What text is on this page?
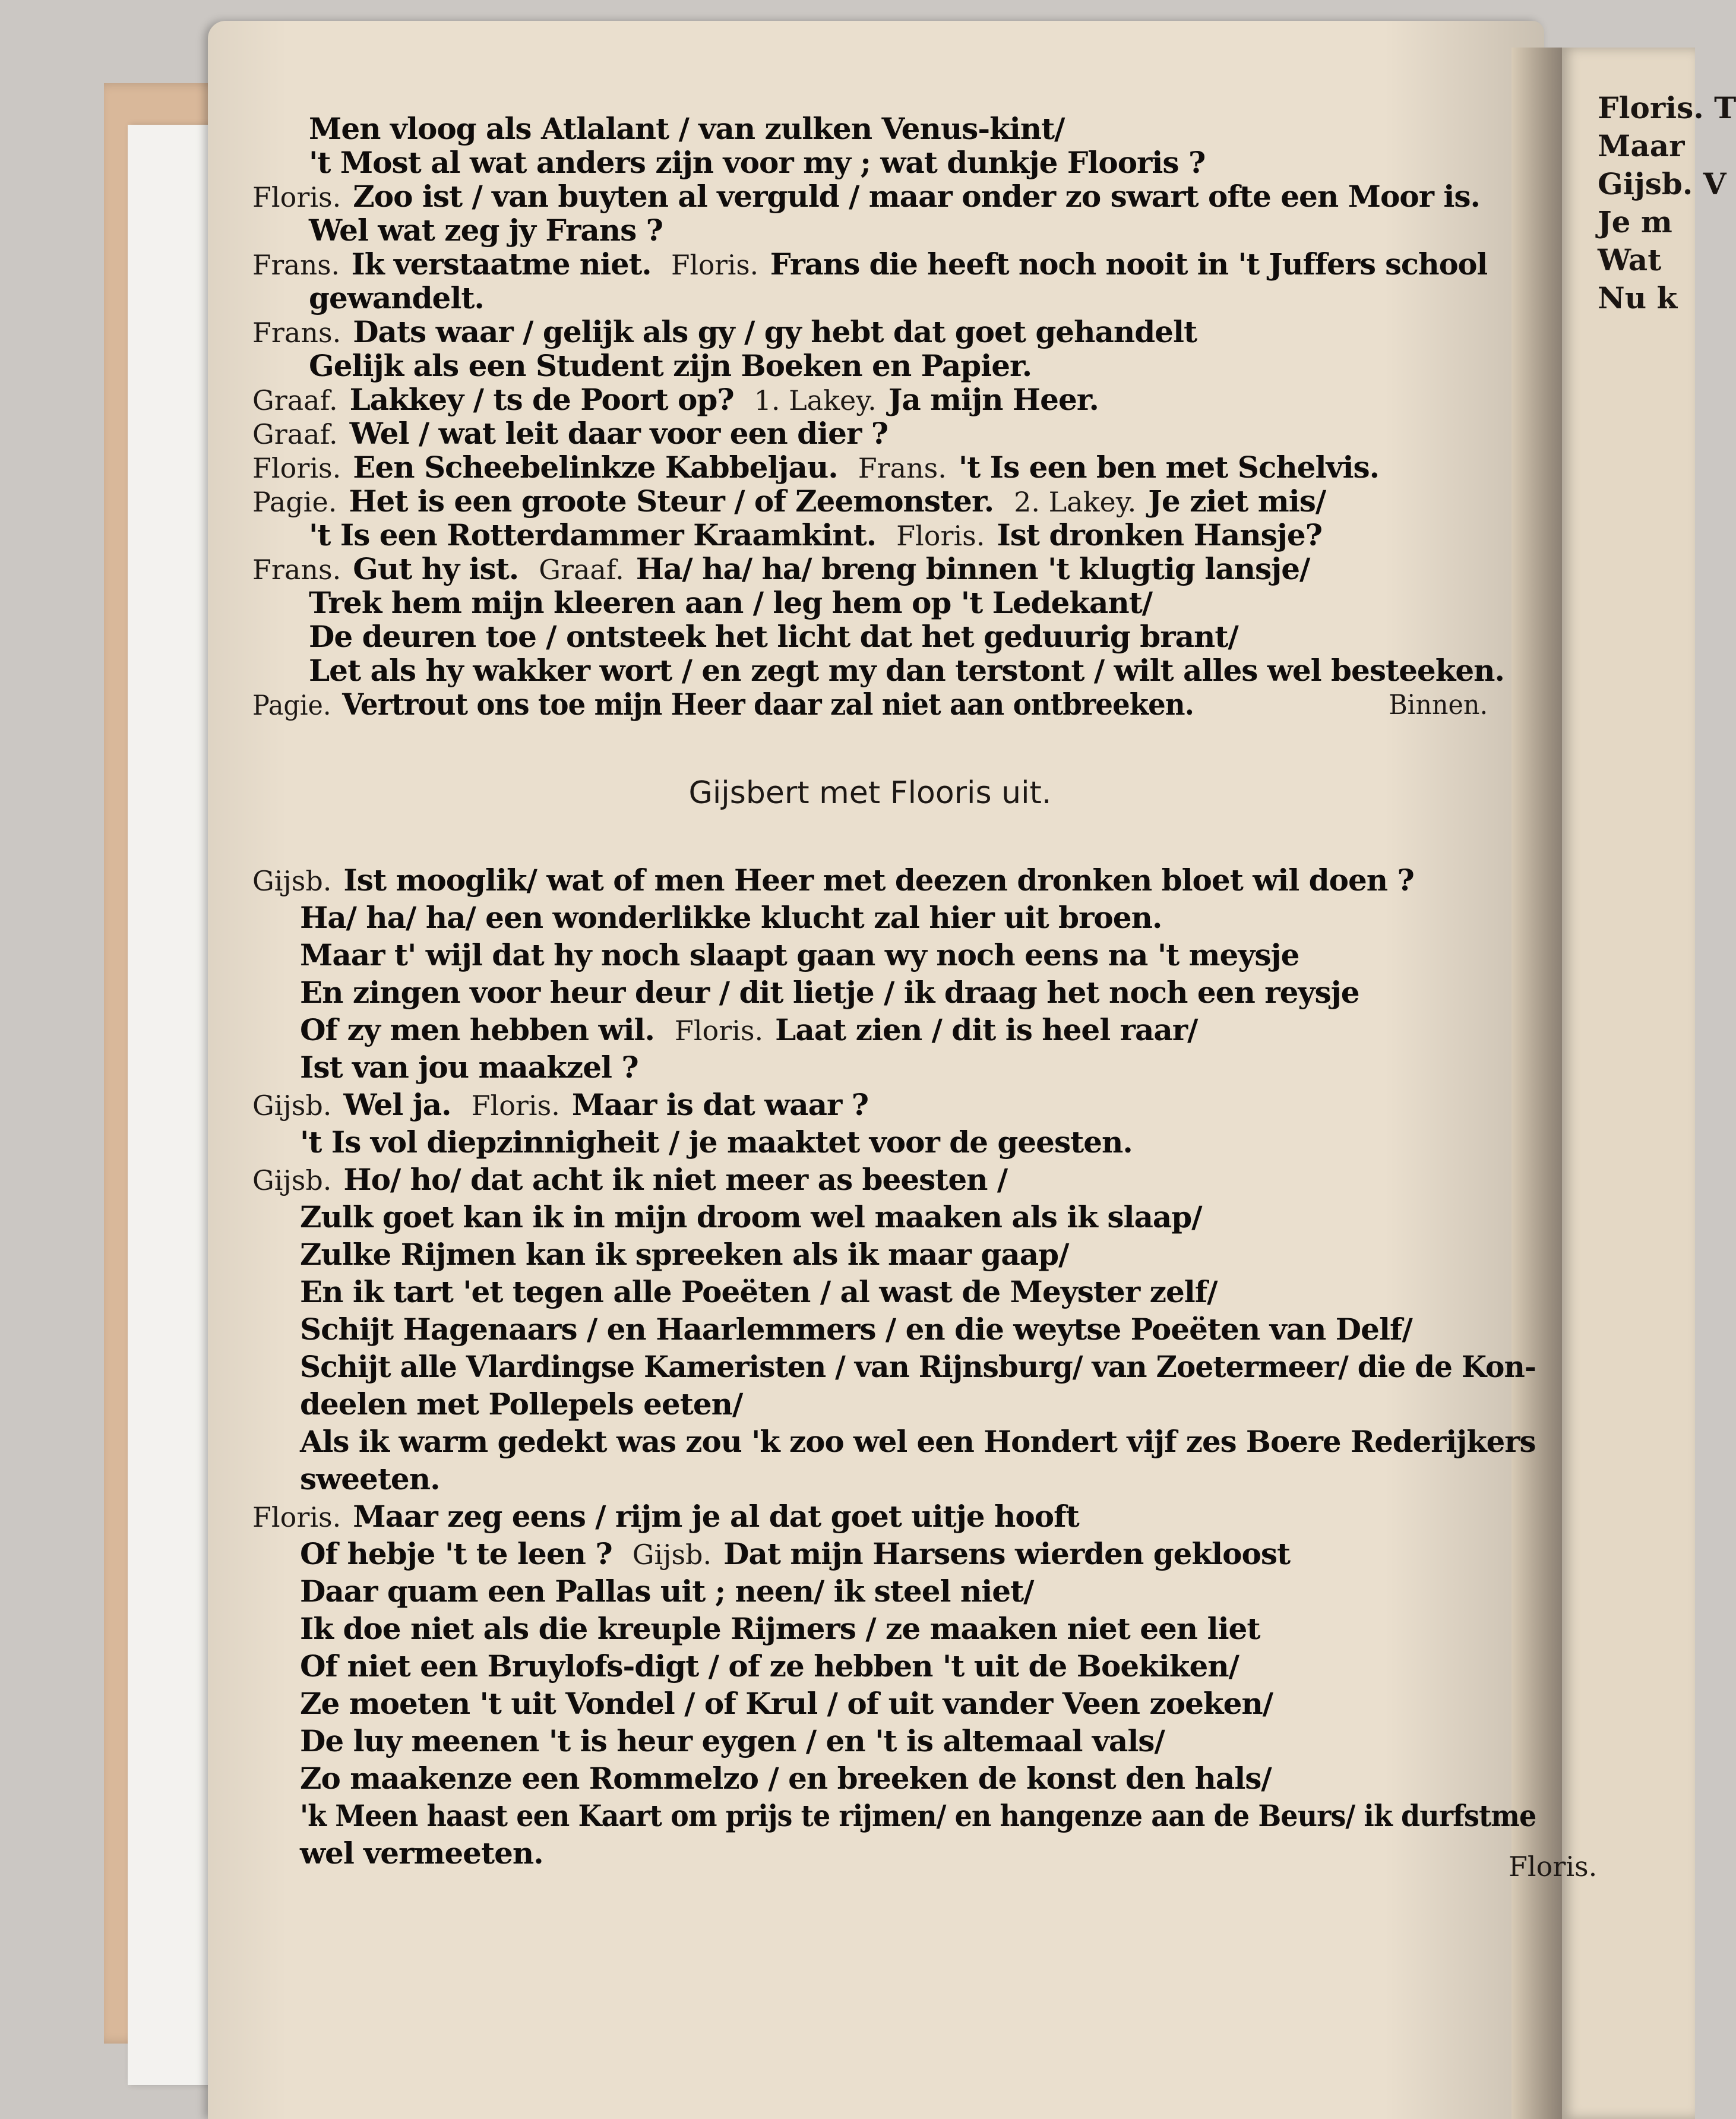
Floris. T
Maar
Gijsb. V
Je m
Wat
Nu k
Men vloog als Atlalant / van zulken Venus-kint/
't Most al wat anders zijn voor my ; wat dunkje Flooris ?
Floris. Zoo ist / van buyten al verguld / maar onder zo swart ofte een Moor is.
Wel wat zeg jy Frans ?
Frans. Ik verstaatme niet. Floris. Frans die heeft noch nooit in 't Juffers school
gewandelt.
Frans. Dats waar / gelijk als gy / gy hebt dat goet gehandelt
Gelijk als een Student zijn Boeken en Papier.
Graaf. Lakkey / ts de Poort op? 1. Lakey. Ja mijn Heer.
Graaf. Wel / wat leit daar voor een dier ?
Floris. Een Scheebelinkze Kabbeljau. Frans. 't Is een ben met Schelvis.
Pagie. Het is een groote Steur / of Zeemonster. 2. Lakey. Je ziet mis/
't Is een Rotterdammer Kraamkint. Floris. Ist dronken Hansje?
Frans. Gut hy ist. Graaf. Ha/ ha/ ha/ breng binnen 't klugtig lansje/
Trek hem mijn kleeren aan / leg hem op 't Ledekant/
De deuren toe / ontsteek het licht dat het geduurig brant/
Let als hy wakker wort / en zegt my dan terstont / wilt alles wel besteeken.
Pagie. Vertrout ons toe mijn Heer daar zal niet aan ontbreeken.	Binnen.
Gijsbert met Flooris uit.
Gijsb. Ist mooglik/ wat of men Heer met deezen dronken bloet wil doen ?
Ha/ ha/ ha/ een wonderlikke klucht zal hier uit broen.
Maar t' wijl dat hy noch slaapt gaan wy noch eens na 't meysje
En zingen voor heur deur / dit lietje / ik draag het noch een reysje
Of zy men hebben wil. Floris. Laat zien / dit is heel raar/
Ist van jou maakzel ?
Gijsb. Wel ja. Floris. Maar is dat waar ?
't Is vol diepzinnigheit / je maaktet voor de geesten.
Gijsb. Ho/ ho/ dat acht ik niet meer as beesten /
Zulk goet kan ik in mijn droom wel maaken als ik slaap/
Zulke Rijmen kan ik spreeken als ik maar gaap/
En ik tart 'et tegen alle Poeëten / al wast de Meyster zelf/
Schijt Hagenaars / en Haarlemmers / en die weytse Poeëten van Delf/
Schijt alle Vlardingse Kameristen / van Rijnsburg/ van Zoetermeer/ die de Kon-
deelen met Pollepels eeten/
Als ik warm gedekt was zou 'k zoo wel een Hondert vijf zes Boere Rederijkers
sweeten.
Floris. Maar zeg eens / rijm je al dat goet uitje hooft
Of hebje 't te leen ? Gijsb. Dat mijn Harsens wierden gekloost
Daar quam een Pallas uit ; neen/ ik steel niet/
Ik doe niet als die kreuple Rijmers / ze maaken niet een liet
Of niet een Bruylofs-digt / of ze hebben 't uit de Boekiken/
Ze moeten 't uit Vondel / of Krul / of uit vander Veen zoeken/
De luy meenen 't is heur eygen / en 't is altemaal vals/
Zo maakenze een Rommelzo / en breeken de konst den hals/
'k Meen haast een Kaart om prijs te rijmen/ en hangenze aan de Beurs/ ik durfstme
wel vermeeten.	Floris.
